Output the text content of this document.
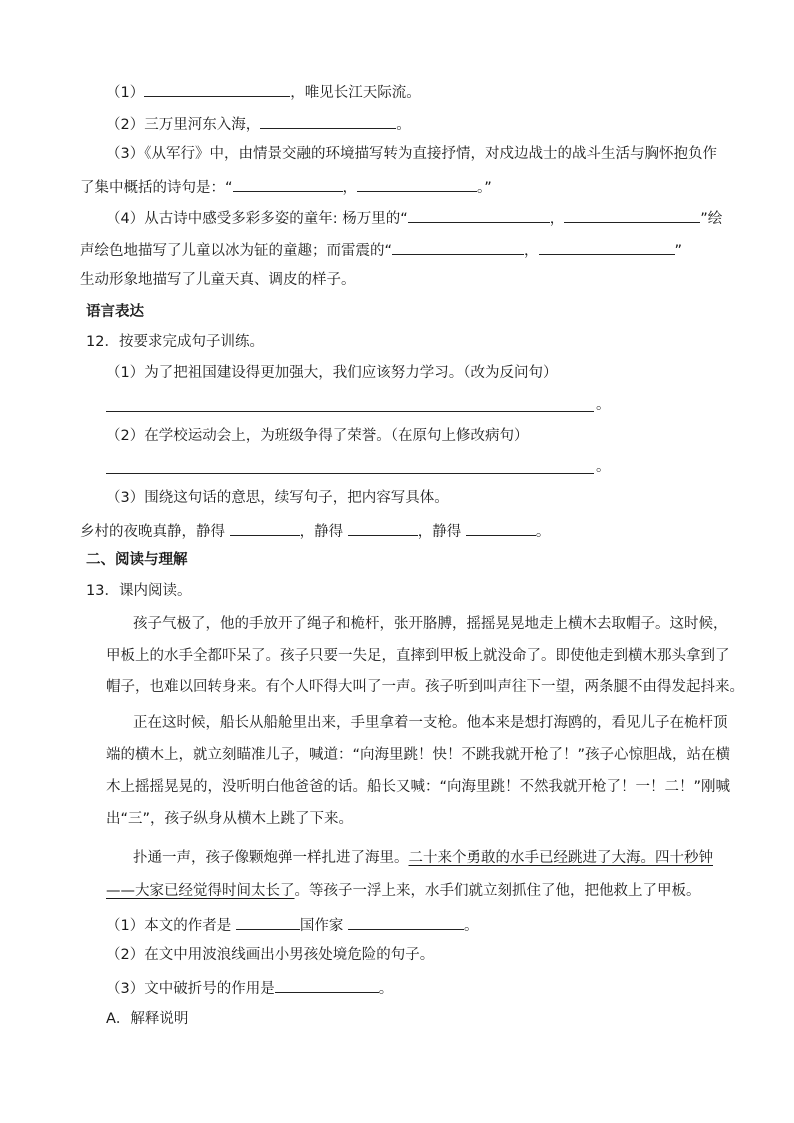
（1）	，唯见长江天际流。
（2）三万里河东入海，	。
（3）《从军行》中，由情景交融的环境描写转为直接抒情，对戍边战士的战斗生活与胸怀抱负作
了集中概括的诗句是：“	，	。”
（4）从古诗中感受多彩多姿的童年: 杨万里的“	，	”绘
声绘色地描写了儿童以冰为钲的童趣；而雷震的“	，	”
生动形象地描写了儿童天真、调皮的样子。
语言表达
12．按要求完成句子训练。
（1）为了把祖国建设得更加强大，我们应该努力学习。（改为反问句）
。
（2）在学校运动会上，为班级争得了荣誉。（在原句上修改病句）
。
（3）围绕这句话的意思，续写句子，把内容写具体。
乡村的夜晚真静，静得	，静得	，静得	。
二、阅读与理解
13．课内阅读。
孩子气极了，他的手放开了绳子和桅杆，张开胳膊，摇摇晃晃地走上横木去取帽子。这时候，
甲板上的水手全都吓呆了。孩子只要一失足，直摔到甲板上就没命了。即使他走到横木那头拿到了
帽子，也难以回转身来。有个人吓得大叫了一声。孩子听到叫声往下一望，两条腿不由得发起抖来。
正在这时候，船长从船舱里出来，手里拿着一支枪。他本来是想打海鸥的，看见儿子在桅杆顶
端的横木上，就立刻瞄准儿子，喊道：“向海里跳！快！不跳我就开枪了！”孩子心惊胆战，站在横
木上摇摇晃晃的，没听明白他爸爸的话。船长又喊：“向海里跳！不然我就开枪了！一！二！”刚喊
出“三”，孩子纵身从横木上跳了下来。
扑通一声，孩子像颗炮弹一样扎进了海里。二十来个勇敢的水手已经跳进了大海。四十秒钟
——大家已经觉得时间太长了。等孩子一浮上来，水手们就立刻抓住了他，把他救上了甲板。
（1）本文的作者是	国作家	。
（2）在文中用波浪线画出小男孩处境危险的句子。
（3）文中破折号的作用是	。
A．解释说明
